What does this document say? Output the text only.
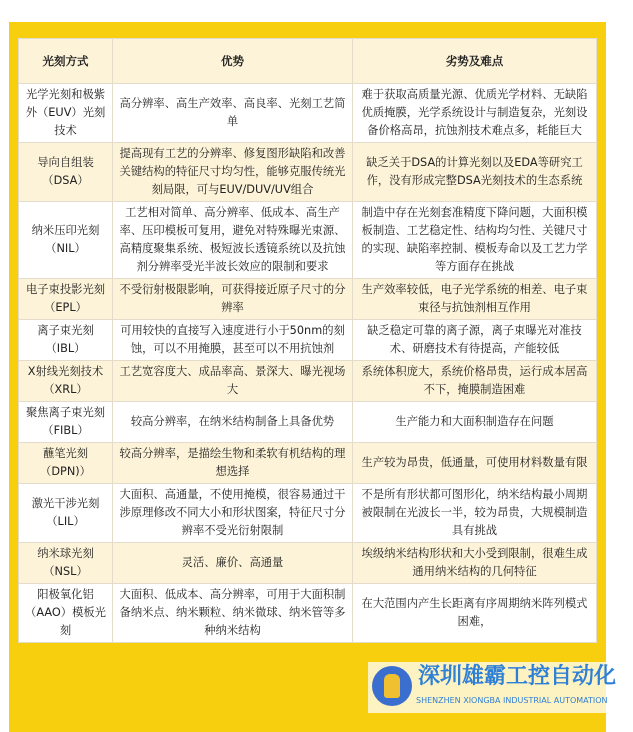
光刻方式	优势	劣势及难点
光学光刻和极紫外（EUV）光刻技术	高分辨率、高生产效率、高良率、光刻工艺简单	难于获取高质量光源、优质光学材料、无缺陷优质掩膜，光学系统设计与制造复杂，光刻设备价格高昂，抗蚀剂技术难点多，耗能巨大
导向自组装（DSA）	提高现有工艺的分辨率、修复图形缺陷和改善关键结构的特征尺寸均匀性，能够克服传统光刻局限，可与EUV/DUV/UV组合	缺乏关于DSA的计算光刻以及EDA等研究工作，没有形成完整DSA光刻技术的生态系统
纳米压印光刻（NIL）	工艺相对简单、高分辨率、低成本、高生产率、压印模板可复用，避免对特殊曝光束源、高精度聚集系统、极短波长透镜系统以及抗蚀剂分辨率受光半波长效应的限制和要求	制造中存在光刻套准精度下降问题，大面积模板制造、工艺稳定性、结构均匀性、关键尺寸的实现、缺陷率控制、模板寿命以及工艺力学等方面存在挑战
电子束投影光刻（EPL）	不受衍射极限影响，可获得接近原子尺寸的分辨率	生产效率较低，电子光学系统的相差、电子束束径与抗蚀剂相互作用
离子束光刻（IBL）	可用较快的直接写入速度进行小于50nm的刻蚀，可以不用掩膜，甚至可以不用抗蚀剂	缺乏稳定可靠的离子源，离子束曝光对准技术、研磨技术有待提高，产能较低
X射线光刻技术（XRL）	工艺宽容度大、成品率高、景深大、曝光视场大	系统体积庞大，系统价格昂贵，运行成本居高不下，掩膜制造困难
聚焦离子束光刻（FIBL）	较高分辨率，在纳米结构制备上具备优势	生产能力和大面积制造存在问题
蘸笔光刻（DPN)）	较高分辨率，是描绘生物和柔软有机结构的理想选择	生产较为昂贵，低通量，可使用材料数量有限
激光干涉光刻（LIL）	大面积、高通量，不使用掩模，很容易通过干涉原理修改不同大小和形状图案，特征尺寸分辨率不受光衍射限制	不是所有形状都可图形化，纳米结构最小周期被限制在光波长一半，较为昂贵，大规模制造具有挑战
纳米球光刻（NSL）	灵活、廉价、高通量	埃级纳米结构形状和大小受到限制，很难生成通用纳米结构的几何特征
阳极氧化铝（AAO）模板光刻	大面积、低成本、高分辨率，可用于大面积制备纳米点、纳米颗粒、纳米微球、纳米管等多种纳米结构	在大范围内产生长距离有序周期纳米阵列模式困难，
深圳雄霸工控自动化
SHENZHEN XIONGBA INDUSTRIAL AUTOMATION
